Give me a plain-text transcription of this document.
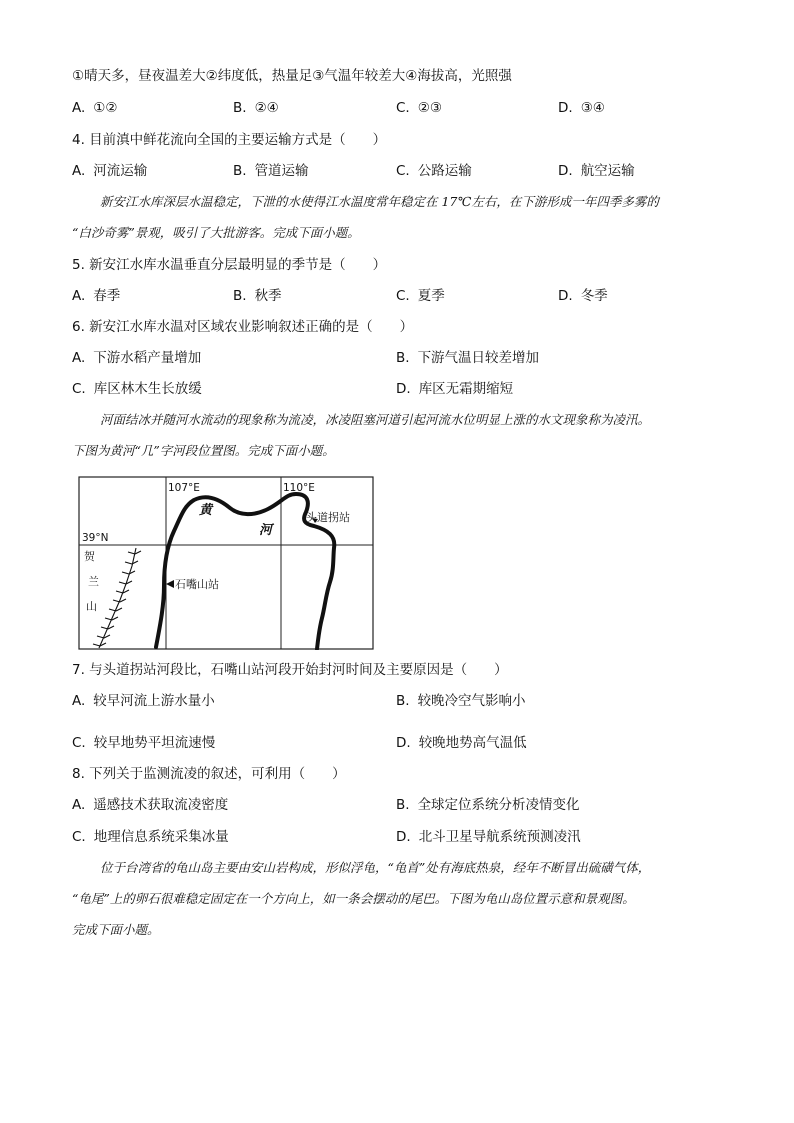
①晴天多，昼夜温差大②纬度低，热量足③气温年较差大④海拔高，光照强
A. ①②	B. ②④	C. ②③	D. ③④
4. 目前滇中鲜花流向全国的主要运输方式是（　　）
A. 河流运输	B. 管道运输	C. 公路运输	D. 航空运输
新安江水库深层水温稳定，下泄的水使得江水温度常年稳定在 17℃左右，在下游形成一年四季多雾的
“白沙奇雾”景观，吸引了大批游客。完成下面小题。
5. 新安江水库水温垂直分层最明显的季节是（　　）
A. 春季	B. 秋季	C. 夏季	D. 冬季
6. 新安江水库水温对区域农业影响叙述正确的是（　　）
A. 下游水稻产量增加	B. 下游气温日较差增加
C. 库区林木生长放缓	D. 库区无霜期缩短
河面结冰并随河水流动的现象称为流凌，冰凌阻塞河道引起河流水位明显上涨的水文现象称为凌汛。
下图为黄河“几”字河段位置图。完成下面小题。
107°E	110°E
39°N
黄
河
头道拐站
石嘴山站
贺
兰
山
7. 与头道拐站河段比，石嘴山站河段开始封河时间及主要原因是（　　）
A. 较早河流上游水量小	B. 较晚冷空气影响小
C. 较早地势平坦流速慢	D. 较晚地势高气温低
8. 下列关于监测流凌的叙述，可利用（　　）
A. 遥感技术获取流凌密度	B. 全球定位系统分析凌情变化
C. 地理信息系统采集冰量	D. 北斗卫星导航系统预测凌汛
位于台湾省的龟山岛主要由安山岩构成，形似浮龟，“龟首”处有海底热泉，经年不断冒出硫磺气体，
“龟尾”上的卵石很难稳定固定在一个方向上，如一条会摆动的尾巴。下图为龟山岛位置示意和景观图。
完成下面小题。
